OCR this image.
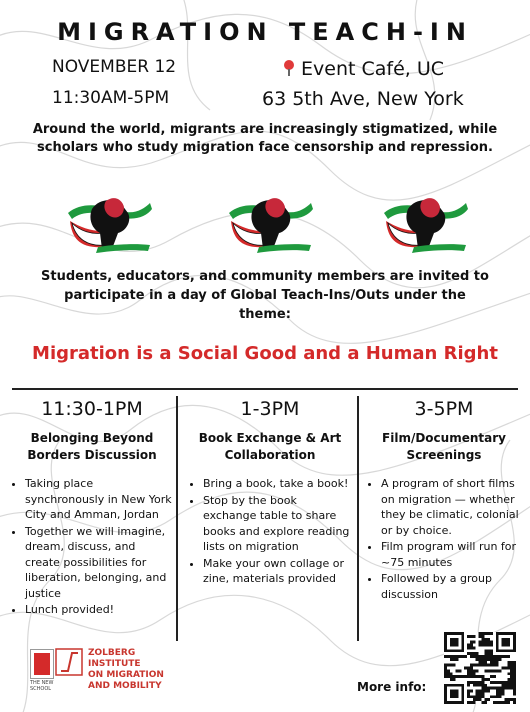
MIGRATION TEACH-IN
NOVEMBER 12
11:30AM-5PM
Event Café, UC
63 5th Ave, New York
Around the world, migrants are increasingly stigmatized, while scholars who study migration face censorship and repression.
Students, educators, and community members are invited to participate in a day of Global Teach-Ins/Outs under the theme:
Migration is a Social Good and a Human Right
11:30-1PM
Belonging Beyond Borders Discussion
• Taking place synchronously in New York City and Amman, Jordan
• Together we will imagine, dream, discuss, and create possibilities for liberation, belonging, and justice
• Lunch provided!
1-3PM
Book Exchange & Art Collaboration
• Bring a book, take a book!
• Stop by the book exchange table to share books and explore reading lists on migration
• Make your own collage or zine, materials provided
3-5PM
Film/Documentary Screenings
• A program of short films on migration — whether they be climatic, colonial or by choice.
• Film program will run for ~75 minutes
• Followed by a group discussion
THE NEW SCHOOL
ZOLBERG
INSTITUTE
ON MIGRATION
AND MOBILITY	More info:
